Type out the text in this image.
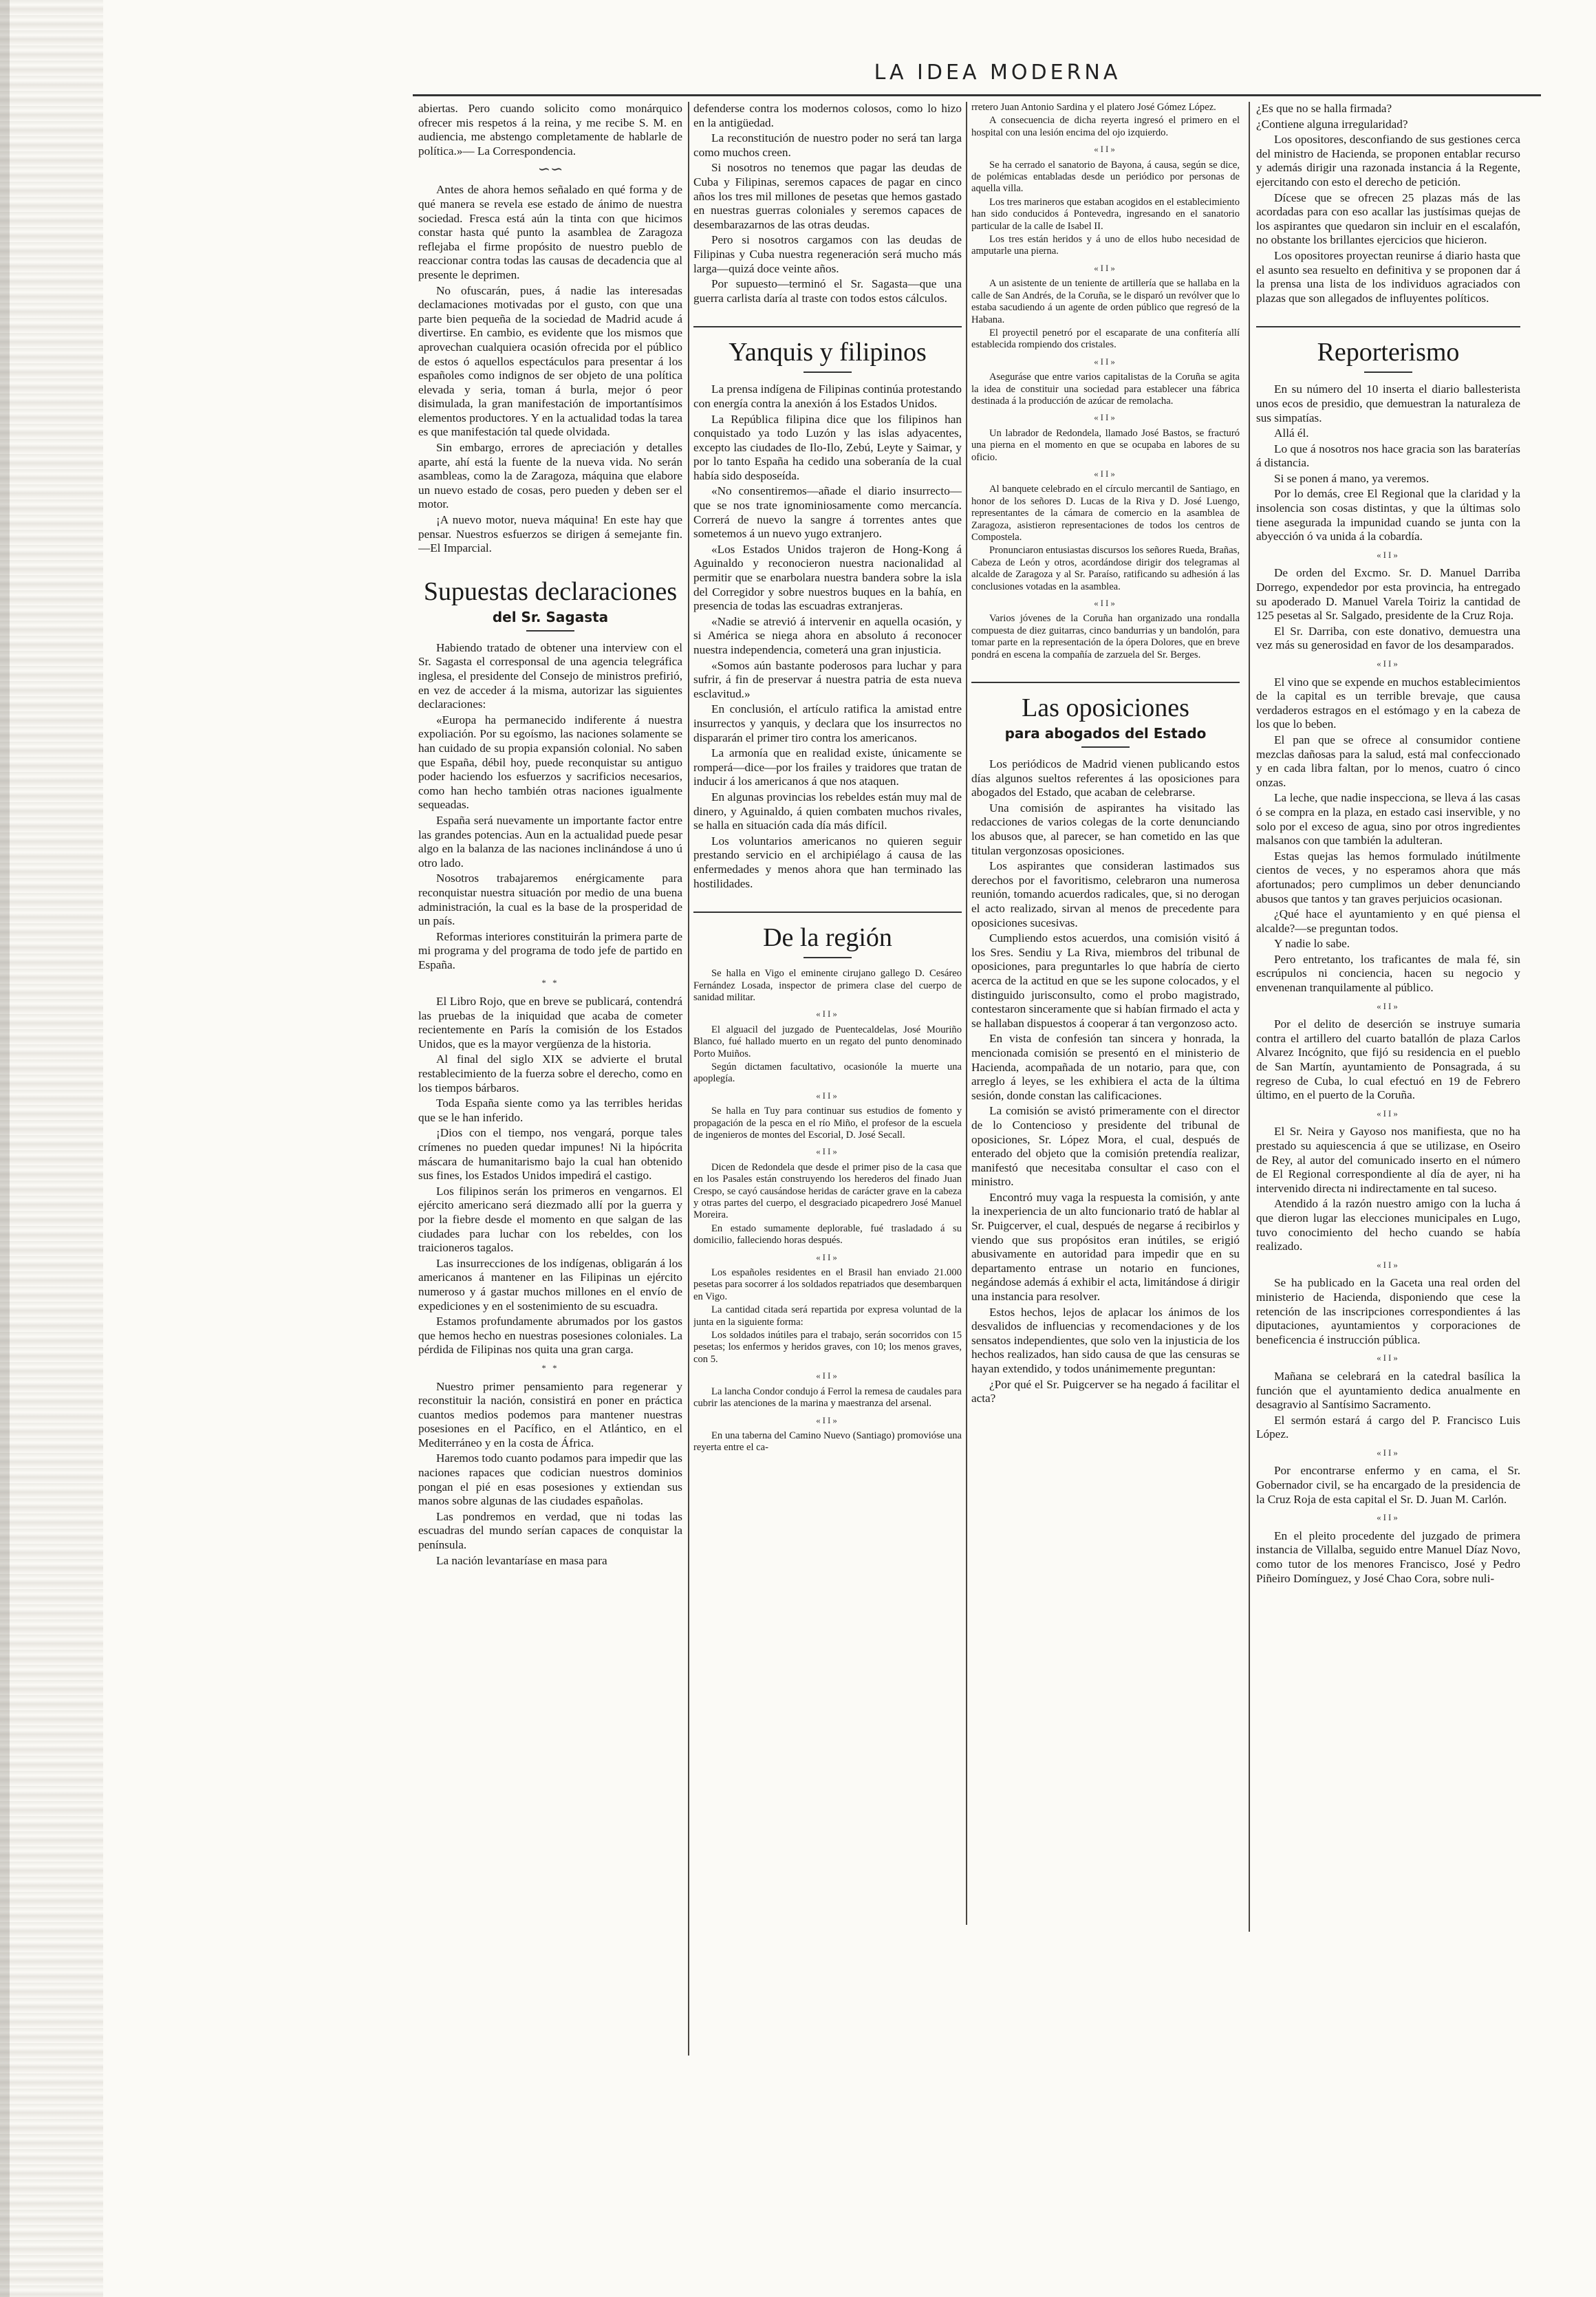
LA IDEA MODERNA

abiertas. Pero cuando solicito como monárquico ofrecer mis respetos á la reina, y me recibe S. M. en audiencia, me abstengo completamente de hablarle de política.»— La Correspondencia.

∽∽

Antes de ahora hemos señalado en qué forma y de qué manera se revela ese estado de ánimo de nuestra sociedad. Fresca está aún la tinta con que hicimos constar hasta qué punto la asamblea de Zaragoza reflejaba el firme propósito de nuestro pueblo de reaccionar contra todas las causas de decadencia que al presente le deprimen.

No ofuscarán, pues, á nadie las interesadas declamaciones motivadas por el gusto, con que una parte bien pequeña de la sociedad de Madrid acude á divertirse. En cambio, es evidente que los mismos que aprovechan cualquiera ocasión ofrecida por el público de estos ó aquellos espectáculos para presentar á los españoles como indignos de ser objeto de una política elevada y seria, toman á burla, mejor ó peor disimulada, la gran manifestación de importantísimos elementos productores. Y en la actualidad todas la tarea es que manifestación tal quede olvidada.

Sin embargo, errores de apreciación y detalles aparte, ahí está la fuente de la nueva vida. No serán asambleas, como la de Zaragoza, máquina que elabore un nuevo estado de cosas, pero pueden y deben ser el motor.

¡A nuevo motor, nueva máquina! En este hay que pensar. Nuestros esfuerzos se dirigen á semejante fin.—El Imparcial.

Supuestas declaraciones
del Sr. Sagasta

Habiendo tratado de obtener una interview con el Sr. Sagasta el corresponsal de una agencia telegráfica inglesa, el presidente del Consejo de ministros prefirió, en vez de acceder á la misma, autorizar las siguientes declaraciones:

«Europa ha permanecido indiferente á nuestra expoliación. Por su egoísmo, las naciones solamente se han cuidado de su propia expansión colonial. No saben que España, débil hoy, puede reconquistar su antiguo poder haciendo los esfuerzos y sacrificios necesarios, como han hecho también otras naciones igualmente sequeadas.

España será nuevamente un importante factor entre las grandes potencias. Aun en la actualidad puede pesar algo en la balanza de las naciones inclinándose á uno ú otro lado.

Nosotros trabajaremos enérgicamente para reconquistar nuestra situación por medio de una buena administración, la cual es la base de la prosperidad de un país.

Reformas interiores constituirán la primera parte de mi programa y del programa de todo jefe de partido en España.

* *

El Libro Rojo, que en breve se publicará, contendrá las pruebas de la iniquidad que acaba de cometer recientemente en París la comisión de los Estados Unidos, que es la mayor vergüenza de la historia.

Al final del siglo XIX se advierte el brutal restablecimiento de la fuerza sobre el derecho, como en los tiempos bárbaros.

Toda España siente como ya las terribles heridas que se le han inferido.

¡Dios con el tiempo, nos vengará, porque tales crímenes no pueden quedar impunes! Ni la hipócrita máscara de humanitarismo bajo la cual han obtenido sus fines, los Estados Unidos impedirá el castigo.

Los filipinos serán los primeros en vengarnos. El ejército americano será diezmado allí por la guerra y por la fiebre desde el momento en que salgan de las ciudades para luchar con los rebeldes, con los traicioneros tagalos.

Las insurrecciones de los indígenas, obligarán á los americanos á mantener en las Filipinas un ejército numeroso y á gastar muchos millones en el envío de expediciones y en el sostenimiento de su escuadra.

Estamos profundamente abrumados por los gastos que hemos hecho en nuestras posesiones coloniales. La pérdida de Filipinas nos quita una gran carga.

* *

Nuestro primer pensamiento para regenerar y reconstituir la nación, consistirá en poner en práctica cuantos medios podemos para mantener nuestras posesiones en el Pacífico, en el Atlántico, en el Mediterráneo y en la costa de África.

Haremos todo cuanto podamos para impedir que las naciones rapaces que codician nuestros dominios pongan el pié en esas posesiones y extiendan sus manos sobre algunas de las ciudades españolas.

Las pondremos en verdad, que ni todas las escuadras del mundo serían capaces de conquistar la península.

La nación levantaríase en masa para

defenderse contra los modernos colosos, como lo hizo en la antigüedad.

La reconstitución de nuestro poder no será tan larga como muchos creen.

Si nosotros no tenemos que pagar las deudas de Cuba y Filipinas, seremos capaces de pagar en cinco años los tres mil millones de pesetas que hemos gastado en nuestras guerras coloniales y seremos capaces de desembarazarnos de las otras deudas.

Pero si nosotros cargamos con las deudas de Filipinas y Cuba nuestra regeneración será mucho más larga—quizá doce veinte años.

Por supuesto—terminó el Sr. Sagasta—que una guerra carlista daría al traste con todos estos cálculos.

Yanquis y filipinos

La prensa indígena de Filipinas continúa protestando con energía contra la anexión á los Estados Unidos.

La República filipina dice que los filipinos han conquistado ya todo Luzón y las islas adyacentes, excepto las ciudades de Ilo-Ilo, Zebú, Leyte y Saimar, y por lo tanto España ha cedido una soberanía de la cual había sido desposeída.

«No consentiremos—añade el diario insurrecto—que se nos trate ignominiosamente como mercancía. Correrá de nuevo la sangre á torrentes antes que sometemos á un nuevo yugo extranjero.

«Los Estados Unidos trajeron de Hong-Kong á Aguinaldo y reconocieron nuestra nacionalidad al permitir que se enarbolara nuestra bandera sobre la isla del Corregidor y sobre nuestros buques en la bahía, en presencia de todas las escuadras extranjeras.

«Nadie se atrevió á intervenir en aquella ocasión, y si América se niega ahora en absoluto á reconocer nuestra independencia, cometerá una gran injusticia.

«Somos aún bastante poderosos para luchar y para sufrir, á fin de preservar á nuestra patria de esta nueva esclavitud.»

En conclusión, el artículo ratifica la amistad entre insurrectos y yanquis, y declara que los insurrectos no dispararán el primer tiro contra los americanos.

La armonía que en realidad existe, únicamente se romperá—dice—por los frailes y traidores que tratan de inducir á los americanos á que nos ataquen.

En algunas provincias los rebeldes están muy mal de dinero, y Aguinaldo, á quien combaten muchos rivales, se halla en situación cada día más difícil.

Los voluntarios americanos no quieren seguir prestando servicio en el archipiélago á causa de las enfermedades y menos ahora que han terminado las hostilidades.

De la región

Se halla en Vigo el eminente cirujano gallego D. Cesáreo Fernández Losada, inspector de primera clase del cuerpo de sanidad militar.

«II»

El alguacil del juzgado de Puentecaldelas, José Mouriño Blanco, fué hallado muerto en un regato del punto denominado Porto Muiños.

Según dictamen facultativo, ocasionóle la muerte una apoplegía.

«II»

Se halla en Tuy para continuar sus estudios de fomento y propagación de la pesca en el río Miño, el profesor de la escuela de ingenieros de montes del Escorial, D. José Secall.

«II»

Dicen de Redondela que desde el primer piso de la casa que en los Pasales están construyendo los herederos del finado Juan Crespo, se cayó causándose heridas de carácter grave en la cabeza y otras partes del cuerpo, el desgraciado picapedrero José Manuel Moreira.

En estado sumamente deplorable, fué trasladado á su domicilio, falleciendo horas después.

«II»

Los españoles residentes en el Brasil han enviado 21.000 pesetas para socorrer á los soldados repatriados que desembarquen en Vigo.

La cantidad citada será repartida por expresa voluntad de la junta en la siguiente forma:

Los soldados inútiles para el trabajo, serán socorridos con 15 pesetas; los enfermos y heridos graves, con 10; los menos graves, con 5.

«II»

La lancha Condor condujo á Ferrol la remesa de caudales para cubrir las atenciones de la marina y maestranza del arsenal.

«II»

En una taberna del Camino Nuevo (Santiago) promovióse una reyerta entre el ca-

rretero Juan Antonio Sardina y el platero José Gómez López.

A consecuencia de dicha reyerta ingresó el primero en el hospital con una lesión encima del ojo izquierdo.

«II»

Se ha cerrado el sanatorio de Bayona, á causa, según se dice, de polémicas entabladas desde un periódico por personas de aquella villa.

Los tres marineros que estaban acogidos en el establecimiento han sido conducidos á Pontevedra, ingresando en el sanatorio particular de la calle de Isabel II.

Los tres están heridos y á uno de ellos hubo necesidad de amputarle una pierna.

«II»

A un asistente de un teniente de artillería que se hallaba en la calle de San Andrés, de la Coruña, se le disparó un revólver que lo estaba sacudiendo á un agente de orden público que regresó de la Habana.

El proyectil penetró por el escaparate de una confitería allí establecida rompiendo dos cristales.

«II»

Aseguráse que entre varios capitalistas de la Coruña se agita la idea de constituir una sociedad para establecer una fábrica destinada á la producción de azúcar de remolacha.

«II»

Un labrador de Redondela, llamado José Bastos, se fracturó una pierna en el momento en que se ocupaba en labores de su oficio.

«II»

Al banquete celebrado en el círculo mercantil de Santiago, en honor de los señores D. Lucas de la Riva y D. José Luengo, representantes de la cámara de comercio en la asamblea de Zaragoza, asistieron representaciones de todos los centros de Compostela.

Pronunciaron entusiastas discursos los señores Rueda, Brañas, Cabeza de León y otros, acordándose dirigir dos telegramas al alcalde de Zaragoza y al Sr. Paraíso, ratificando su adhesión á las conclusiones votadas en la asamblea.

«II»

Varios jóvenes de la Coruña han organizado una rondalla compuesta de diez guitarras, cinco bandurrias y un bandolón, para tomar parte en la representación de la ópera Dolores, que en breve pondrá en escena la compañía de zarzuela del Sr. Berges.

Las oposiciones
para abogados del Estado

Los periódicos de Madrid vienen publicando estos días algunos sueltos referentes á las oposiciones para abogados del Estado, que acaban de celebrarse.

Una comisión de aspirantes ha visitado las redacciones de varios colegas de la corte denunciando los abusos que, al parecer, se han cometido en las que titulan vergonzosas oposiciones.

Los aspirantes que consideran lastimados sus derechos por el favoritismo, celebraron una numerosa reunión, tomando acuerdos radicales, que, si no derogan el acto realizado, sirvan al menos de precedente para oposiciones sucesivas.

Cumpliendo estos acuerdos, una comisión visitó á los Sres. Sendiu y La Riva, miembros del tribunal de oposiciones, para preguntarles lo que habría de cierto acerca de la actitud en que se les supone colocados, y el distinguido jurisconsulto, como el probo magistrado, contestaron sinceramente que si habían firmado el acta y se hallaban dispuestos á cooperar á tan vergonzoso acto.

En vista de confesión tan sincera y honrada, la mencionada comisión se presentó en el ministerio de Hacienda, acompañada de un notario, para que, con arreglo á leyes, se les exhibiera el acta de la última sesión, donde constan las calificaciones.

La comisión se avistó primeramente con el director de lo Contencioso y presidente del tribunal de oposiciones, Sr. López Mora, el cual, después de enterado del objeto que la comisión pretendía realizar, manifestó que necesitaba consultar el caso con el ministro.

Encontró muy vaga la respuesta la comisión, y ante la inexperiencia de un alto funcionario trató de hablar al Sr. Puigcerver, el cual, después de negarse á recibirlos y viendo que sus propósitos eran inútiles, se erigió abusivamente en autoridad para impedir que en su departamento entrase un notario en funciones, negándose además á exhibir el acta, limitándose á dirigir una instancia para resolver.

Estos hechos, lejos de aplacar los ánimos de los desvalidos de influencias y recomendaciones y de los sensatos independientes, que solo ven la injusticia de los hechos realizados, han sido causa de que las censuras se hayan extendido, y todos unánimemente preguntan:

¿Por qué el Sr. Puigcerver se ha negado á facilitar el acta?

¿Es que no se halla firmada?

¿Contiene alguna irregularidad?

Los opositores, desconfiando de sus gestiones cerca del ministro de Hacienda, se proponen entablar recurso y además dirigir una razonada instancia á la Regente, ejercitando con esto el derecho de petición.

Dícese que se ofrecen 25 plazas más de las acordadas para con eso acallar las justísimas quejas de los aspirantes que quedaron sin incluir en el escalafón, no obstante los brillantes ejercicios que hicieron.

Los opositores proyectan reunirse á diario hasta que el asunto sea resuelto en definitiva y se proponen dar á la prensa una lista de los individuos agraciados con plazas que son allegados de influyentes políticos.

Reporterismo

En su número del 10 inserta el diario ballesterista unos ecos de presidio, que demuestran la naturaleza de sus simpatías.

Allá él.

Lo que á nosotros nos hace gracia son las baraterías á distancia.

Si se ponen á mano, ya veremos.

Por lo demás, cree El Regional que la claridad y la insolencia son cosas distintas, y que la últimas solo tiene asegurada la impunidad cuando se junta con la abyección ó va unida á la cobardía.

«II»

De orden del Excmo. Sr. D. Manuel Darriba Dorrego, expendedor por esta provincia, ha entregado su apoderado D. Manuel Varela Toiriz la cantidad de 125 pesetas al Sr. Salgado, presidente de la Cruz Roja.

El Sr. Darriba, con este donativo, demuestra una vez más su generosidad en favor de los desamparados.

«II»

El vino que se expende en muchos establecimientos de la capital es un terrible brevaje, que causa verdaderos estragos en el estómago y en la cabeza de los que lo beben.

El pan que se ofrece al consumidor contiene mezclas dañosas para la salud, está mal confeccionado y en cada libra faltan, por lo menos, cuatro ó cinco onzas.

La leche, que nadie inspecciona, se lleva á las casas ó se compra en la plaza, en estado casi inservible, y no solo por el exceso de agua, sino por otros ingredientes malsanos con que también la adulteran.

Estas quejas las hemos formulado inútilmente cientos de veces, y no esperamos ahora que más afortunados; pero cumplimos un deber denunciando abusos que tantos y tan graves perjuicios ocasionan.

¿Qué hace el ayuntamiento y en qué piensa el alcalde?—se preguntan todos.

Y nadie lo sabe.

Pero entretanto, los traficantes de mala fé, sin escrúpulos ni conciencia, hacen su negocio y envenenan tranquilamente al público.

«II»

Por el delito de deserción se instruye sumaria contra el artillero del cuarto batallón de plaza Carlos Alvarez Incógnito, que fijó su residencia en el pueblo de San Martín, ayuntamiento de Ponsagrada, á su regreso de Cuba, lo cual efectuó en 19 de Febrero último, en el puerto de la Coruña.

«II»

El Sr. Neira y Gayoso nos manifiesta, que no ha prestado su aquiescencia á que se utilizase, en Oseiro de Rey, al autor del comunicado inserto en el número de El Regional correspondiente al día de ayer, ni ha intervenido directa ni indirectamente en tal suceso.

Atendido á la razón nuestro amigo con la lucha á que dieron lugar las elecciones municipales en Lugo, tuvo conocimiento del hecho cuando se había realizado.

«II»

Se ha publicado en la Gaceta una real orden del ministerio de Hacienda, disponiendo que cese la retención de las inscripciones correspondientes á las diputaciones, ayuntamientos y corporaciones de beneficencia é instrucción pública.

«II»

Mañana se celebrará en la catedral basílica la función que el ayuntamiento dedica anualmente en desagravio al Santísimo Sacramento.

El sermón estará á cargo del P. Francisco Luis López.

«II»

Por encontrarse enfermo y en cama, el Sr. Gobernador civil, se ha encargado de la presidencia de la Cruz Roja de esta capital el Sr. D. Juan M. Carlón.

«II»

En el pleito procedente del juzgado de primera instancia de Villalba, seguido entre Manuel Díaz Novo, como tutor de los menores Francisco, José y Pedro Piñeiro Domínguez, y José Chao Cora, sobre nuli-
